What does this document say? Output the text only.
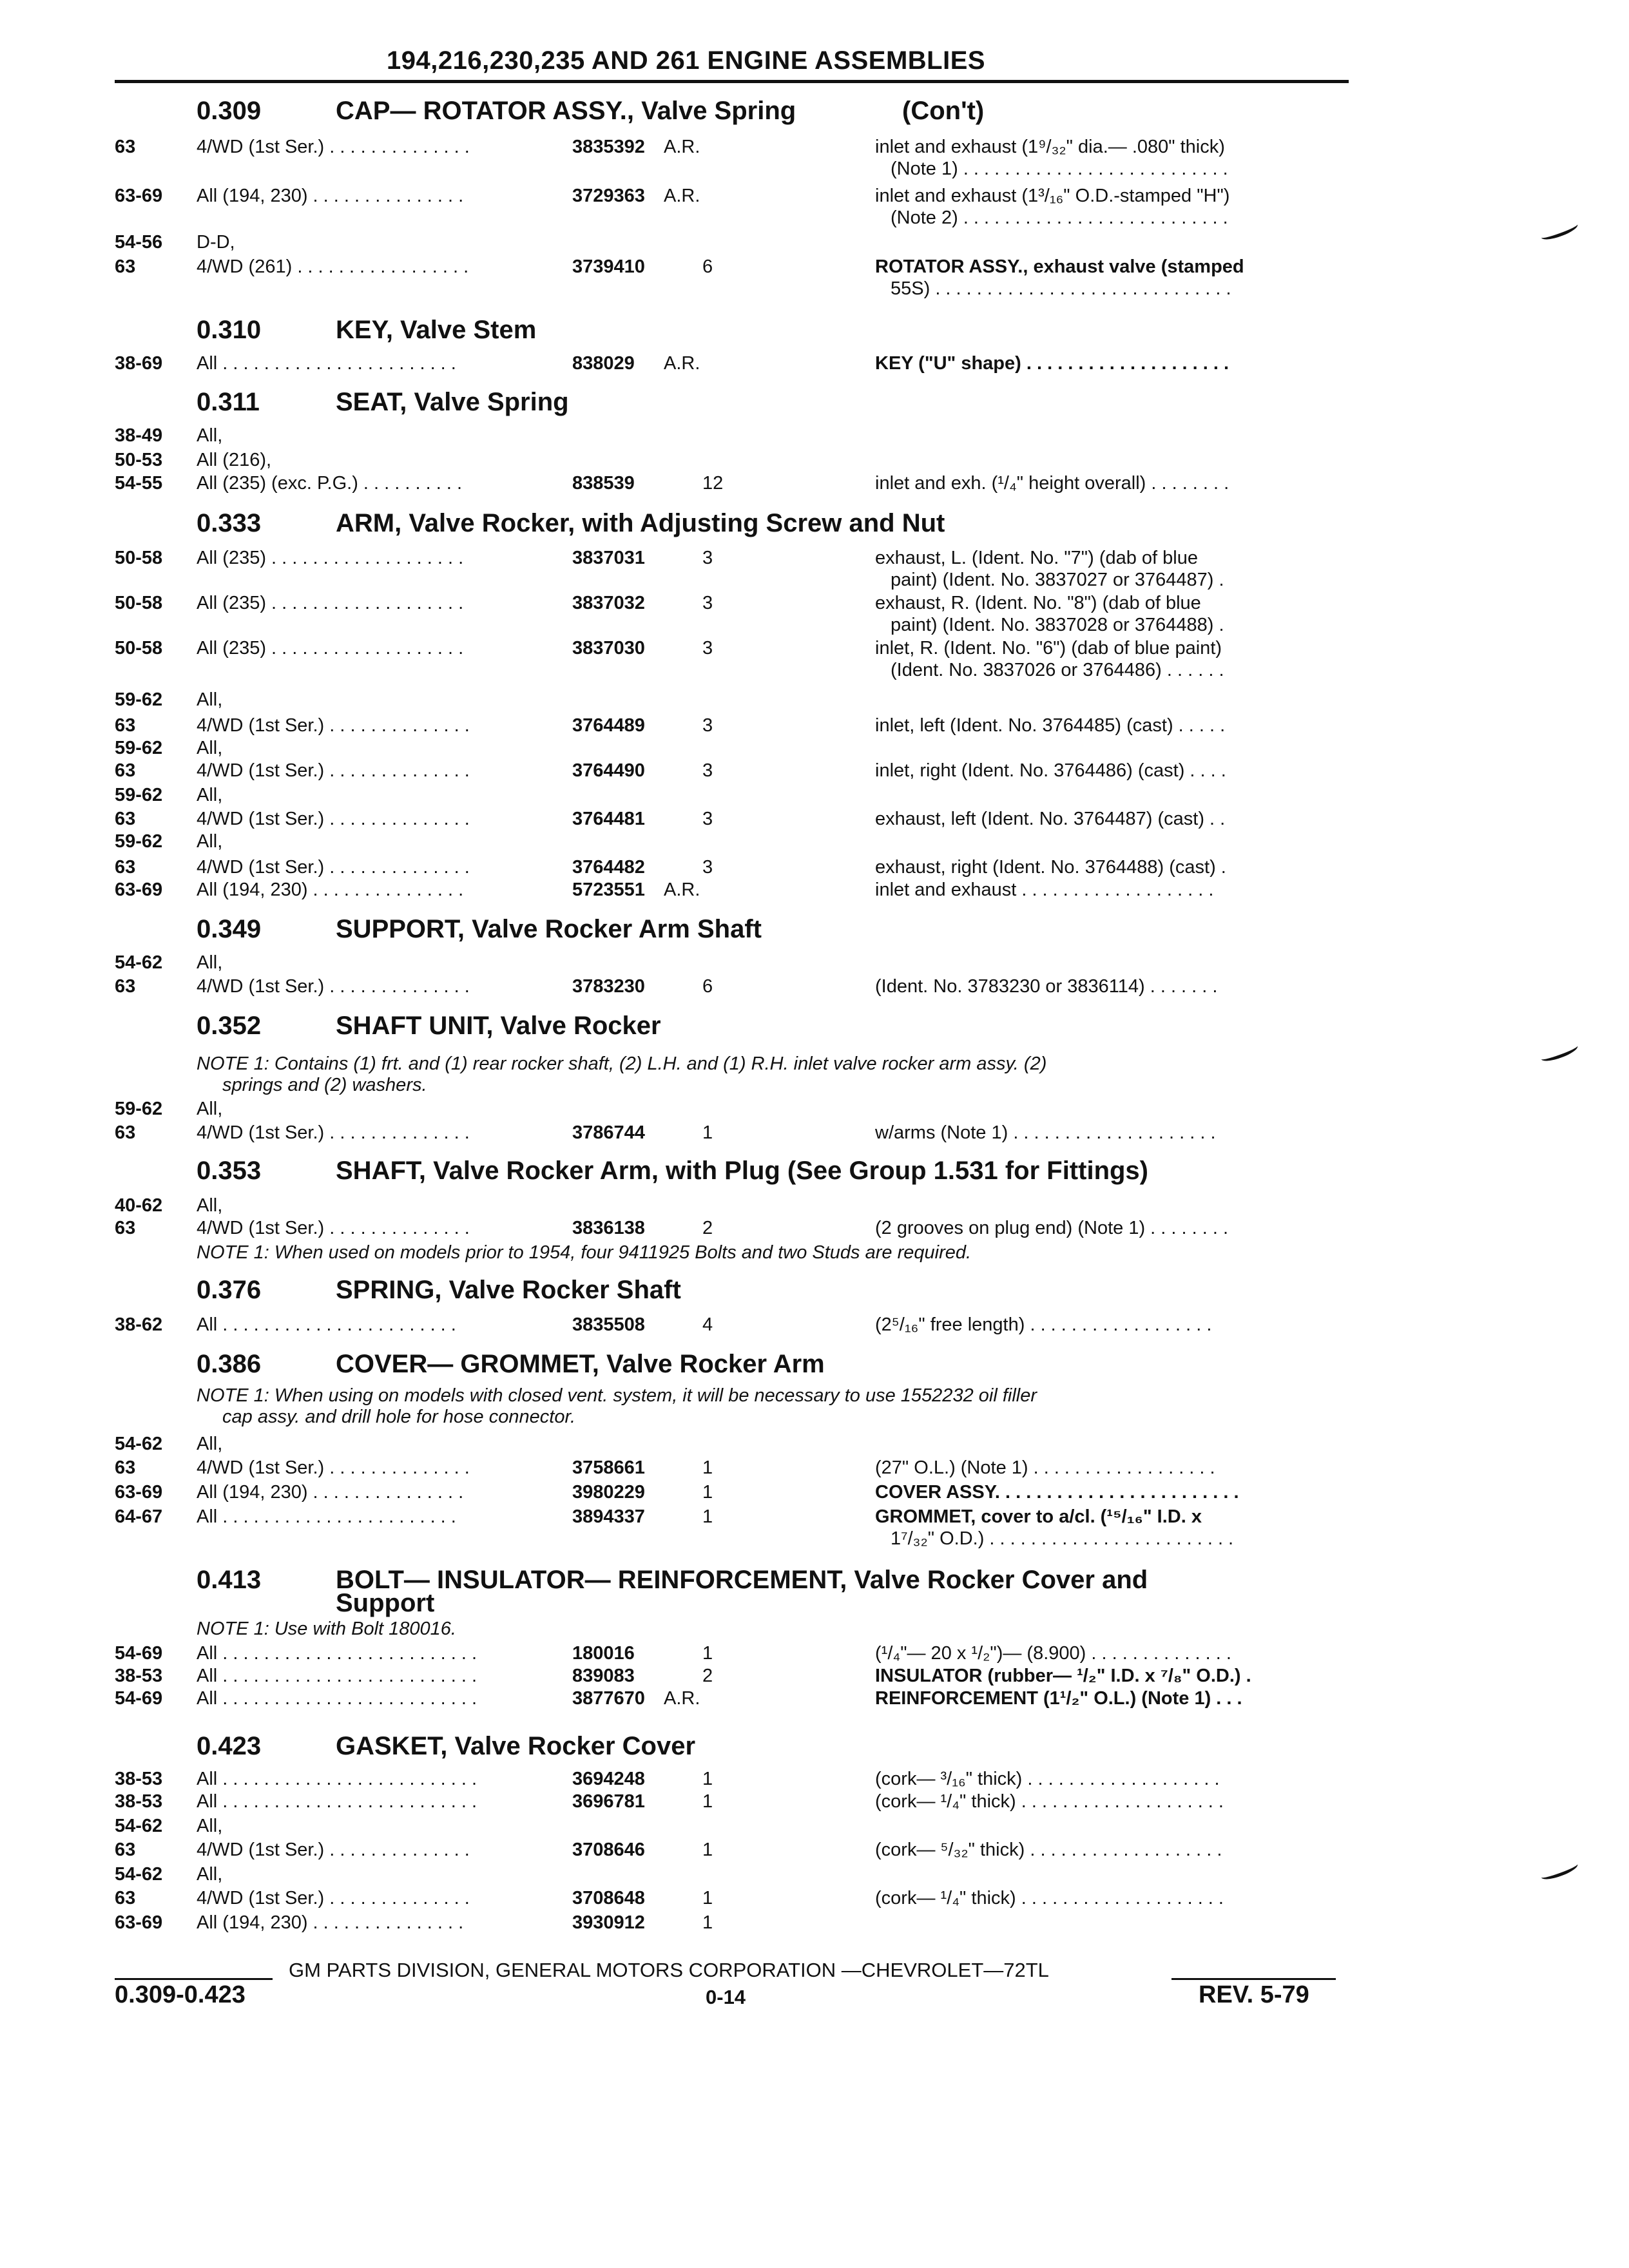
194,216,230,235 AND 261 ENGINE ASSEMBLIES
0.309	CAP— ROTATOR ASSY., Valve Spring	(Con't)
0.310	KEY, Valve Stem
0.311	SEAT, Valve Spring
0.333	ARM, Valve Rocker, with Adjusting Screw and Nut
0.349	SUPPORT, Valve Rocker Arm Shaft
0.352	SHAFT UNIT, Valve Rocker
0.353	SHAFT, Valve Rocker Arm, with Plug (See Group 1.531 for Fittings)
0.376	SPRING, Valve Rocker Shaft
0.386	COVER— GROMMET, Valve Rocker Arm
0.413	BOLT— INSULATOR— REINFORCEMENT, Valve Rocker Cover and
Support
0.423	GASKET, Valve Rocker Cover
NOTE 1: Contains (1) frt. and (1) rear rocker shaft, (2) L.H. and (1) R.H. inlet valve rocker arm assy. (2)
springs and (2) washers.
NOTE 1: When used on models prior to 1954, four 9411925 Bolts and two Studs are required.
NOTE 1: When using on models with closed vent. system, it will be necessary to use 1552232 oil filler
cap assy. and drill hole for hose connector.
NOTE 1: Use with Bolt 180016.
63	4/WD (1st Ser.) . . . . . . . . . . . . . .	3835392 A.R.	inlet and exhaust (1⁹/₃₂" dia.— .080" thick)
(Note 1) . . . . . . . . . . . . . . . . . . . . . . . . . .
63-69 All (194, 230) . . . . . . . . . . . . . . .	3729363 A.R.	inlet and exhaust (1³/₁₆" O.D.-stamped "H")
(Note 2) . . . . . . . . . . . . . . . . . . . . . . . . . .
54-56 D-D,
63	4/WD (261) . . . . . . . . . . . . . . . . .	3739410	6	ROTATOR ASSY., exhaust valve (stamped
55S) . . . . . . . . . . . . . . . . . . . . . . . . . . . . .
38-69 All . . . . . . . . . . . . . . . . . . . . . . .	838029 A.R.	KEY ("U" shape) . . . . . . . . . . . . . . . . . . . .
38-49 All,
50-53 All (216),
54-55 All (235) (exc. P.G.) . . . . . . . . . .	838539	12	inlet and exh. (¹/₄" height overall) . . . . . . . .
50-58 All (235) . . . . . . . . . . . . . . . . . . .	3837031	3	exhaust, L. (Ident. No. "7") (dab of blue
paint) (Ident. No. 3837027 or 3764487) .
50-58 All (235) . . . . . . . . . . . . . . . . . . .	3837032	3	exhaust, R. (Ident. No. "8") (dab of blue
paint) (Ident. No. 3837028 or 3764488) .
50-58 All (235) . . . . . . . . . . . . . . . . . . .	3837030	3	inlet, R. (Ident. No. "6") (dab of blue paint)
(Ident. No. 3837026 or 3764486) . . . . . .
59-62 All,
63	4/WD (1st Ser.) . . . . . . . . . . . . . .	3764489	3	inlet, left (Ident. No. 3764485) (cast) . . . . .
59-62 All,
63	4/WD (1st Ser.) . . . . . . . . . . . . . .	3764490	3	inlet, right (Ident. No. 3764486) (cast) . . . .
59-62 All,
63	4/WD (1st Ser.) . . . . . . . . . . . . . .	3764481	3	exhaust, left (Ident. No. 3764487) (cast) . .
59-62 All,
63	4/WD (1st Ser.) . . . . . . . . . . . . . .	3764482	3	exhaust, right (Ident. No. 3764488) (cast) .
63-69 All (194, 230) . . . . . . . . . . . . . . .	5723551 A.R.	inlet and exhaust . . . . . . . . . . . . . . . . . . .
54-62 All,
63	4/WD (1st Ser.) . . . . . . . . . . . . . .	3783230	6	(Ident. No. 3783230 or 3836114) . . . . . . .
59-62 All,
63	4/WD (1st Ser.) . . . . . . . . . . . . . .	3786744	1	w/arms (Note 1) . . . . . . . . . . . . . . . . . . . .
40-62 All,
63	4/WD (1st Ser.) . . . . . . . . . . . . . .	3836138	2	(2 grooves on plug end) (Note 1) . . . . . . . .
38-62 All . . . . . . . . . . . . . . . . . . . . . . .	3835508	4	(2⁵/₁₆" free length) . . . . . . . . . . . . . . . . . .
54-62 All,
63	4/WD (1st Ser.) . . . . . . . . . . . . . .	3758661	1	(27" O.L.) (Note 1) . . . . . . . . . . . . . . . . . .
63-69 All (194, 230) . . . . . . . . . . . . . . .	3980229	1	COVER ASSY. . . . . . . . . . . . . . . . . . . . . . . .
64-67 All . . . . . . . . . . . . . . . . . . . . . . .	3894337	1	GROMMET, cover to a/cl. (¹⁵/₁₆" I.D. x
1⁷/₃₂" O.D.) . . . . . . . . . . . . . . . . . . . . . . . .
54-69 All . . . . . . . . . . . . . . . . . . . . . . . . .	180016	1	(¹/₄"— 20 x ¹/₂")— (8.900) . . . . . . . . . . . . . .
38-53 All . . . . . . . . . . . . . . . . . . . . . . . . .	839083	2	INSULATOR (rubber— ¹/₂" I.D. x ⁷/₈" O.D.) .
54-69 All . . . . . . . . . . . . . . . . . . . . . . . . .	3877670 A.R.	REINFORCEMENT (1¹/₂" O.L.) (Note 1) . . .
38-53 All . . . . . . . . . . . . . . . . . . . . . . . . .	3694248	1	(cork— ³/₁₆" thick) . . . . . . . . . . . . . . . . . . .
38-53 All . . . . . . . . . . . . . . . . . . . . . . . . .	3696781	1	(cork— ¹/₄" thick) . . . . . . . . . . . . . . . . . . . .
54-62 All,
63	4/WD (1st Ser.) . . . . . . . . . . . . . .	3708646	1	(cork— ⁵/₃₂" thick) . . . . . . . . . . . . . . . . . . .
54-62 All,
63	4/WD (1st Ser.) . . . . . . . . . . . . . .	3708648	1	(cork— ¹/₄" thick) . . . . . . . . . . . . . . . . . . . .
63-69 All (194, 230) . . . . . . . . . . . . . . .	3930912	1
GM PARTS DIVISION, GENERAL MOTORS CORPORATION —CHEVROLET—72TL
0.309-0.423	0-14	REV. 5-79
